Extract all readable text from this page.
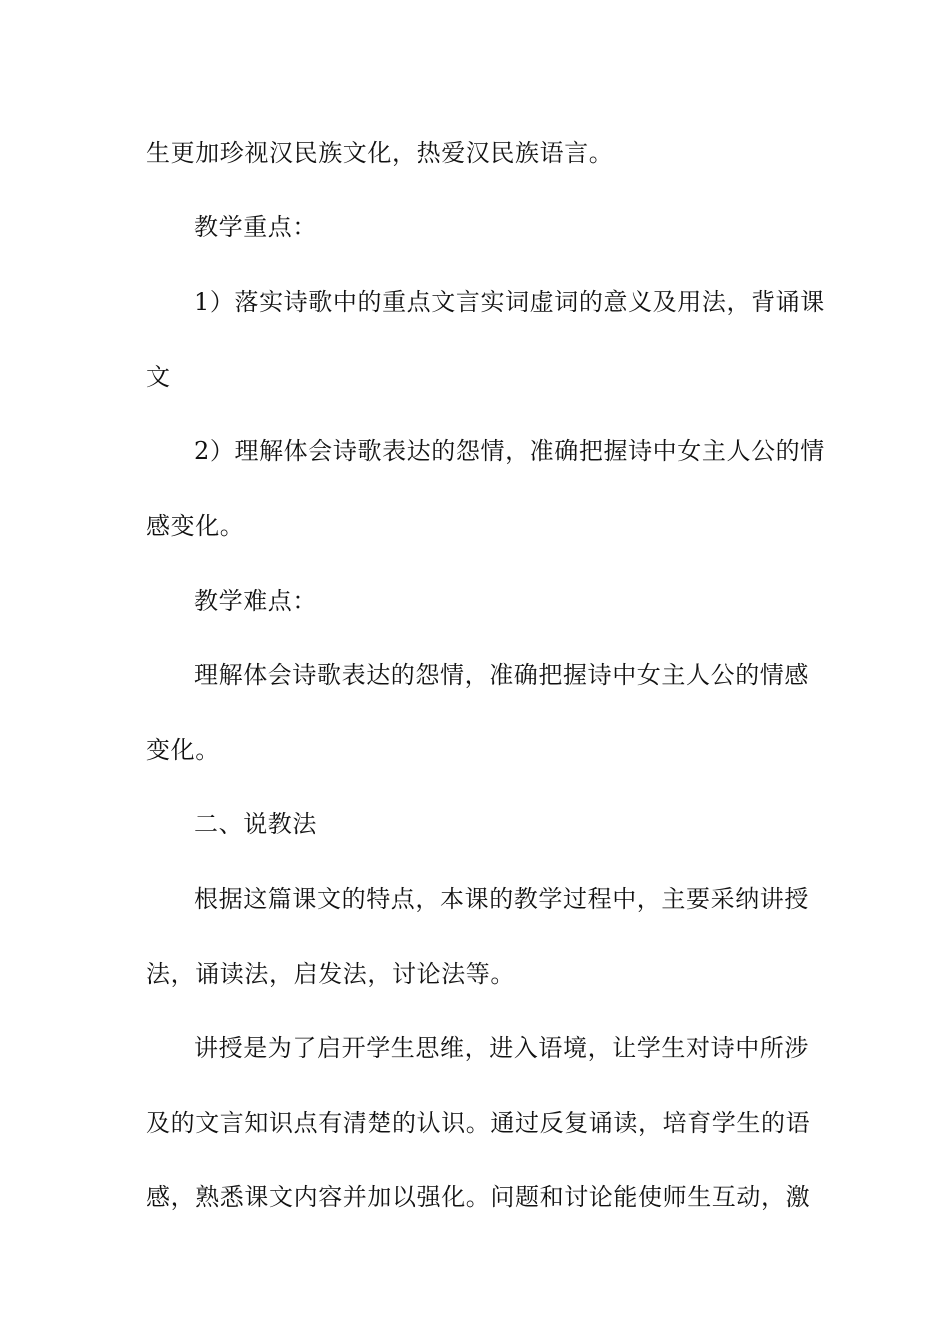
生更加珍视汉民族文化，热爱汉民族语言。
教学重点：
1）落实诗歌中的重点文言实词虚词的意义及用法，背诵课
文
2）理解体会诗歌表达的怨情，准确把握诗中女主人公的情
感变化。
教学难点：
理解体会诗歌表达的怨情，准确把握诗中女主人公的情感
变化。
二、说教法
根据这篇课文的特点，本课的教学过程中，主要采纳讲授
法，诵读法，启发法，讨论法等。
讲授是为了启开学生思维，进入语境，让学生对诗中所涉
及的文言知识点有清楚的认识。通过反复诵读，培育学生的语
感，熟悉课文内容并加以强化。问题和讨论能使师生互动，激
